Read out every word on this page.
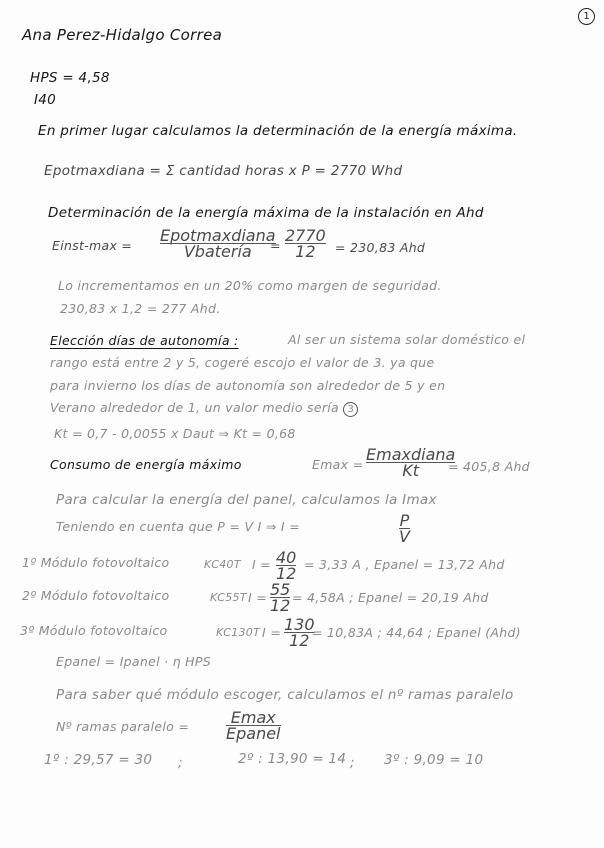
1
Ana Perez-Hidalgo Correa
HPS = 4,58
I40
En primer lugar calculamos la determinación de la energía máxima.
Epotmaxdiana = Σ cantidad horas x P = 2770 Whd
Determinación de la energía máxima de la instalación en Ahd
Einst-max =
Epotmaxdiana
Vbatería =
2770
12 = 230,83 Ahd
Lo incrementamos en un 20% como margen de seguridad.
230,83 x 1,2 = 277 Ahd.
Elección días de autonomía :	Al ser un sistema solar doméstico el
rango está entre 2 y 5, cogeré escojo el valor de 3. ya que
para invierno los días de autonomía son alrededor de 5 y en
Verano alrededor de 1, un valor medio sería 3
Kt = 0,7 - 0,0055 x Daut ⇒ Kt = 0,68
Consumo de energía máximo	Emax =
Emaxdiana
Kt = 405,8 Ahd
Para calcular la energía del panel, calculamos la Imax
Teniendo en cuenta que P = V I ⇒ I =	P
V
1º Módulo fotovoltaico	KC40T I = 40
12 = 3,33 A , Epanel = 13,72 Ahd
2º Módulo fotovoltaico	KC55T I = 55
12 = 4,58A ; Epanel = 20,19 Ahd
3º Módulo fotovoltaico	KC130T I = 130
12 = 10,83A ; 44,64 ; Epanel (Ahd)
Epanel = Ipanel · η HPS
Para saber qué módulo escoger, calculamos el nº ramas paralelo
Nº ramas paralelo =	Emax
Epanel
1º : 29,57 = 30 ;	2º : 13,90 = 14 ; 3º : 9,09 = 10
